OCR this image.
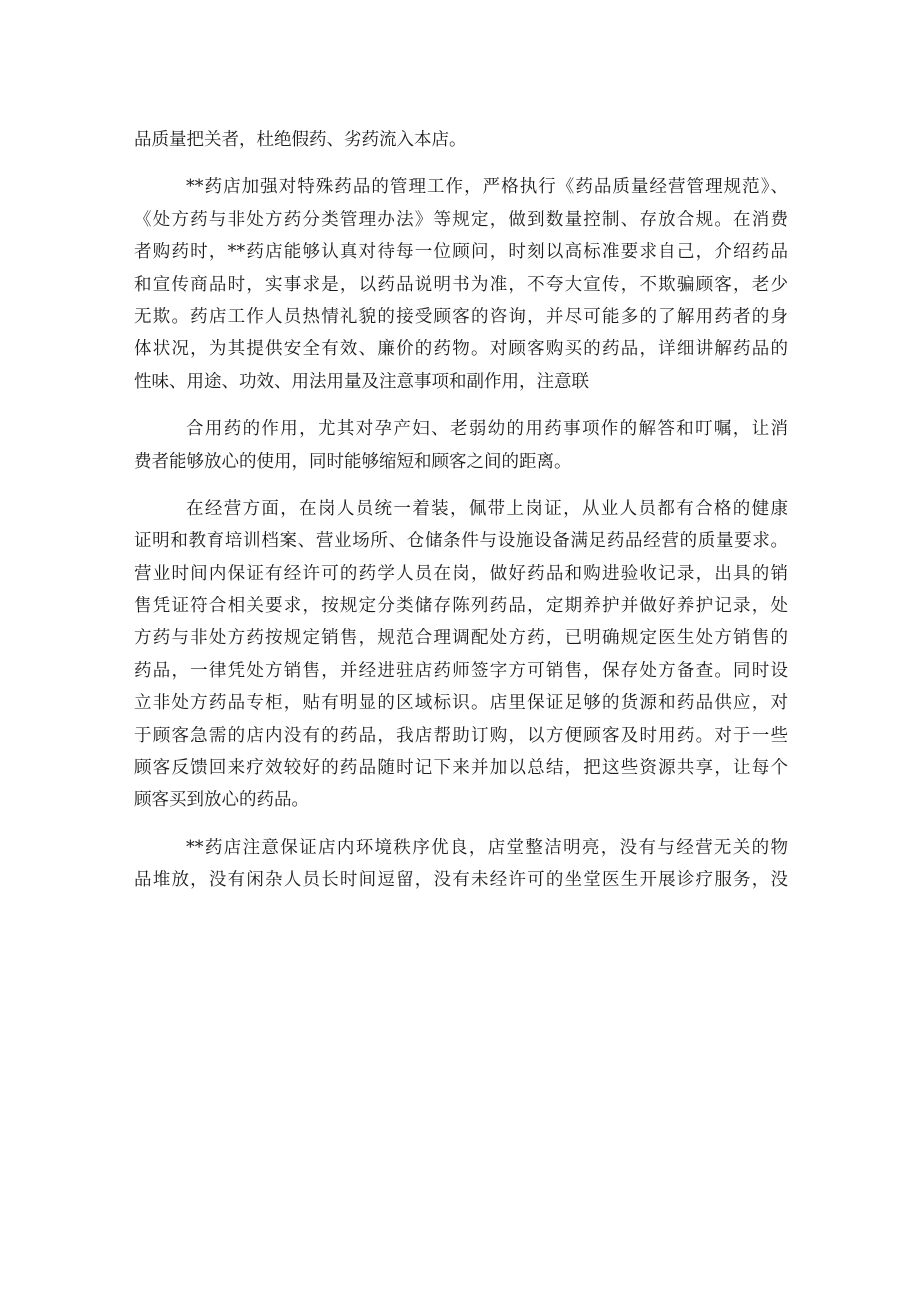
品质量把关者，杜绝假药、劣药流入本店。
**药店加强对特殊药品的管理工作，严格执行《药品质量经营管理规范》、
《处方药与非处方药分类管理办法》等规定，做到数量控制、存放合规。在消费
者购药时，**药店能够认真对待每一位顾问，时刻以高标准要求自己，介绍药品
和宣传商品时，实事求是，以药品说明书为准，不夸大宣传，不欺骗顾客，老少
无欺。药店工作人员热情礼貌的接受顾客的咨询，并尽可能多的了解用药者的身
体状况，为其提供安全有效、廉价的药物。对顾客购买的药品，详细讲解药品的
性味、用途、功效、用法用量及注意事项和副作用，注意联
合用药的作用，尤其对孕产妇、老弱幼的用药事项作的解答和叮嘱，让消
费者能够放心的使用，同时能够缩短和顾客之间的距离。
在经营方面，在岗人员统一着装，佩带上岗证，从业人员都有合格的健康
证明和教育培训档案、营业场所、仓储条件与设施设备满足药品经营的质量要求。
营业时间内保证有经许可的药学人员在岗，做好药品和购进验收记录，出具的销
售凭证符合相关要求，按规定分类储存陈列药品，定期养护并做好养护记录，处
方药与非处方药按规定销售，规范合理调配处方药，已明确规定医生处方销售的
药品，一律凭处方销售，并经进驻店药师签字方可销售，保存处方备查。同时设
立非处方药品专柜，贴有明显的区域标识。店里保证足够的货源和药品供应，对
于顾客急需的店内没有的药品，我店帮助订购，以方便顾客及时用药。对于一些
顾客反馈回来疗效较好的药品随时记下来并加以总结，把这些资源共享，让每个
顾客买到放心的药品。
**药店注意保证店内环境秩序优良，店堂整洁明亮，没有与经营无关的物
品堆放，没有闲杂人员长时间逗留，没有未经许可的坐堂医生开展诊疗服务，没
